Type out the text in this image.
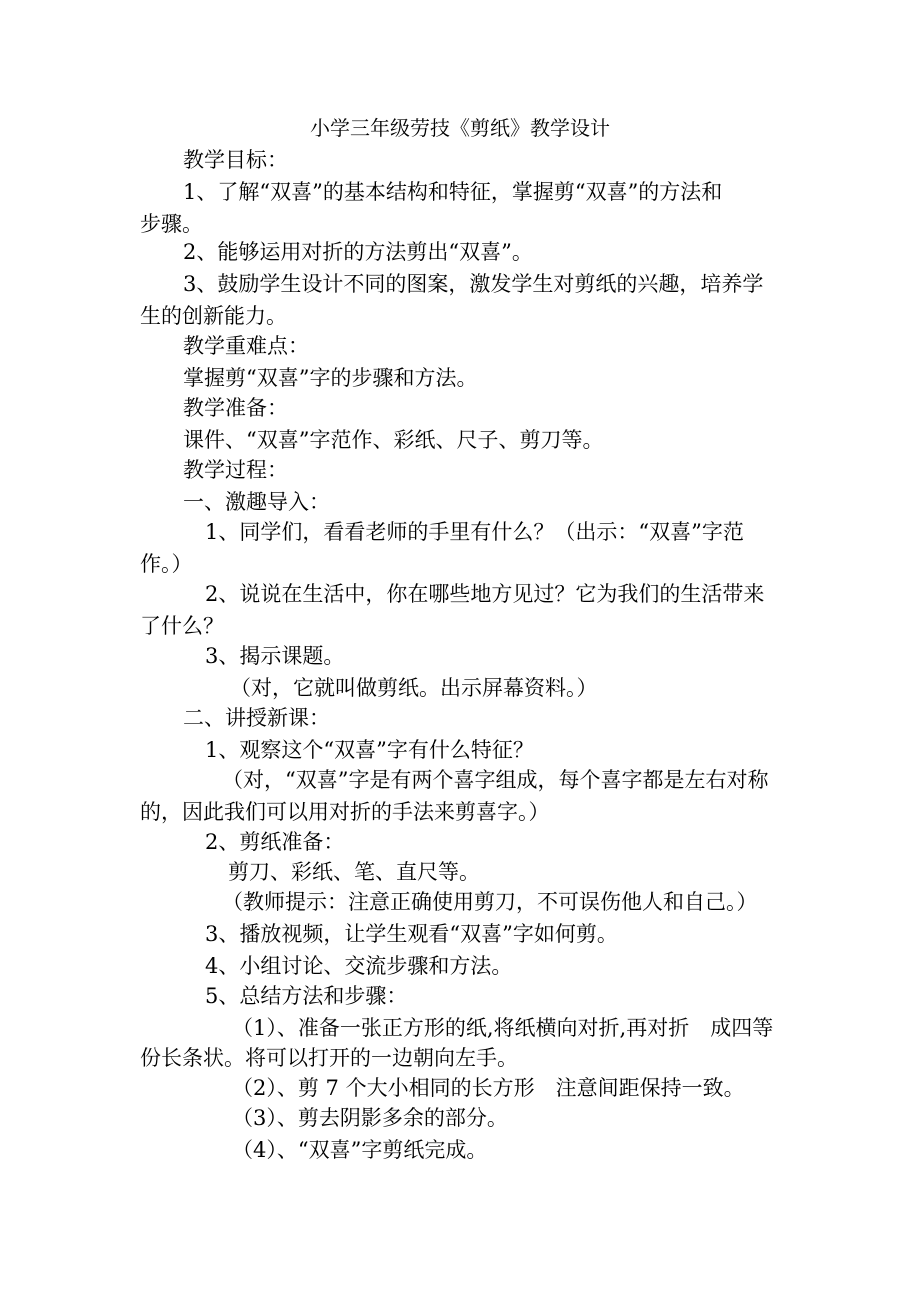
小学三年级劳技《剪纸》教学设计
教学目标：
1、了解“双喜”的基本结构和特征，掌握剪“双喜”的方法和
步骤。
2、能够运用对折的方法剪出“双喜”。
3、鼓励学生设计不同的图案，激发学生对剪纸的兴趣，培养学
生的创新能力。
教学重难点：
掌握剪“双喜”字的步骤和方法。
教学准备：
课件、“双喜”字范作、彩纸、尺子、剪刀等。
教学过程：
一、激趣导入：
1、同学们，看看老师的手里有什么？（出示：“双喜”字范
作。）
2、说说在生活中，你在哪些地方见过？它为我们的生活带来
了什么？
3、揭示课题。
（对，它就叫做剪纸。出示屏幕资料。）
二、讲授新课：
1、观察这个“双喜”字有什么特征？
（对，“双喜”字是有两个喜字组成，每个喜字都是左右对称
的，因此我们可以用对折的手法来剪喜字。）
2、剪纸准备：
剪刀、彩纸、笔、直尺等。
（教师提示：注意正确使用剪刀，不可误伤他人和自己。）
3、播放视频，让学生观看“双喜”字如何剪。
4、小组讨论、交流步骤和方法。
5、总结方法和步骤：
（1）、准备一张正方形的纸,将纸横向对折,再对折　成四等
份长条状。将可以打开的一边朝向左手。
（2）、剪 7 个大小相同的长方形　注意间距保持一致。
（3）、剪去阴影多余的部分。
（4）、“双喜”字剪纸完成。
